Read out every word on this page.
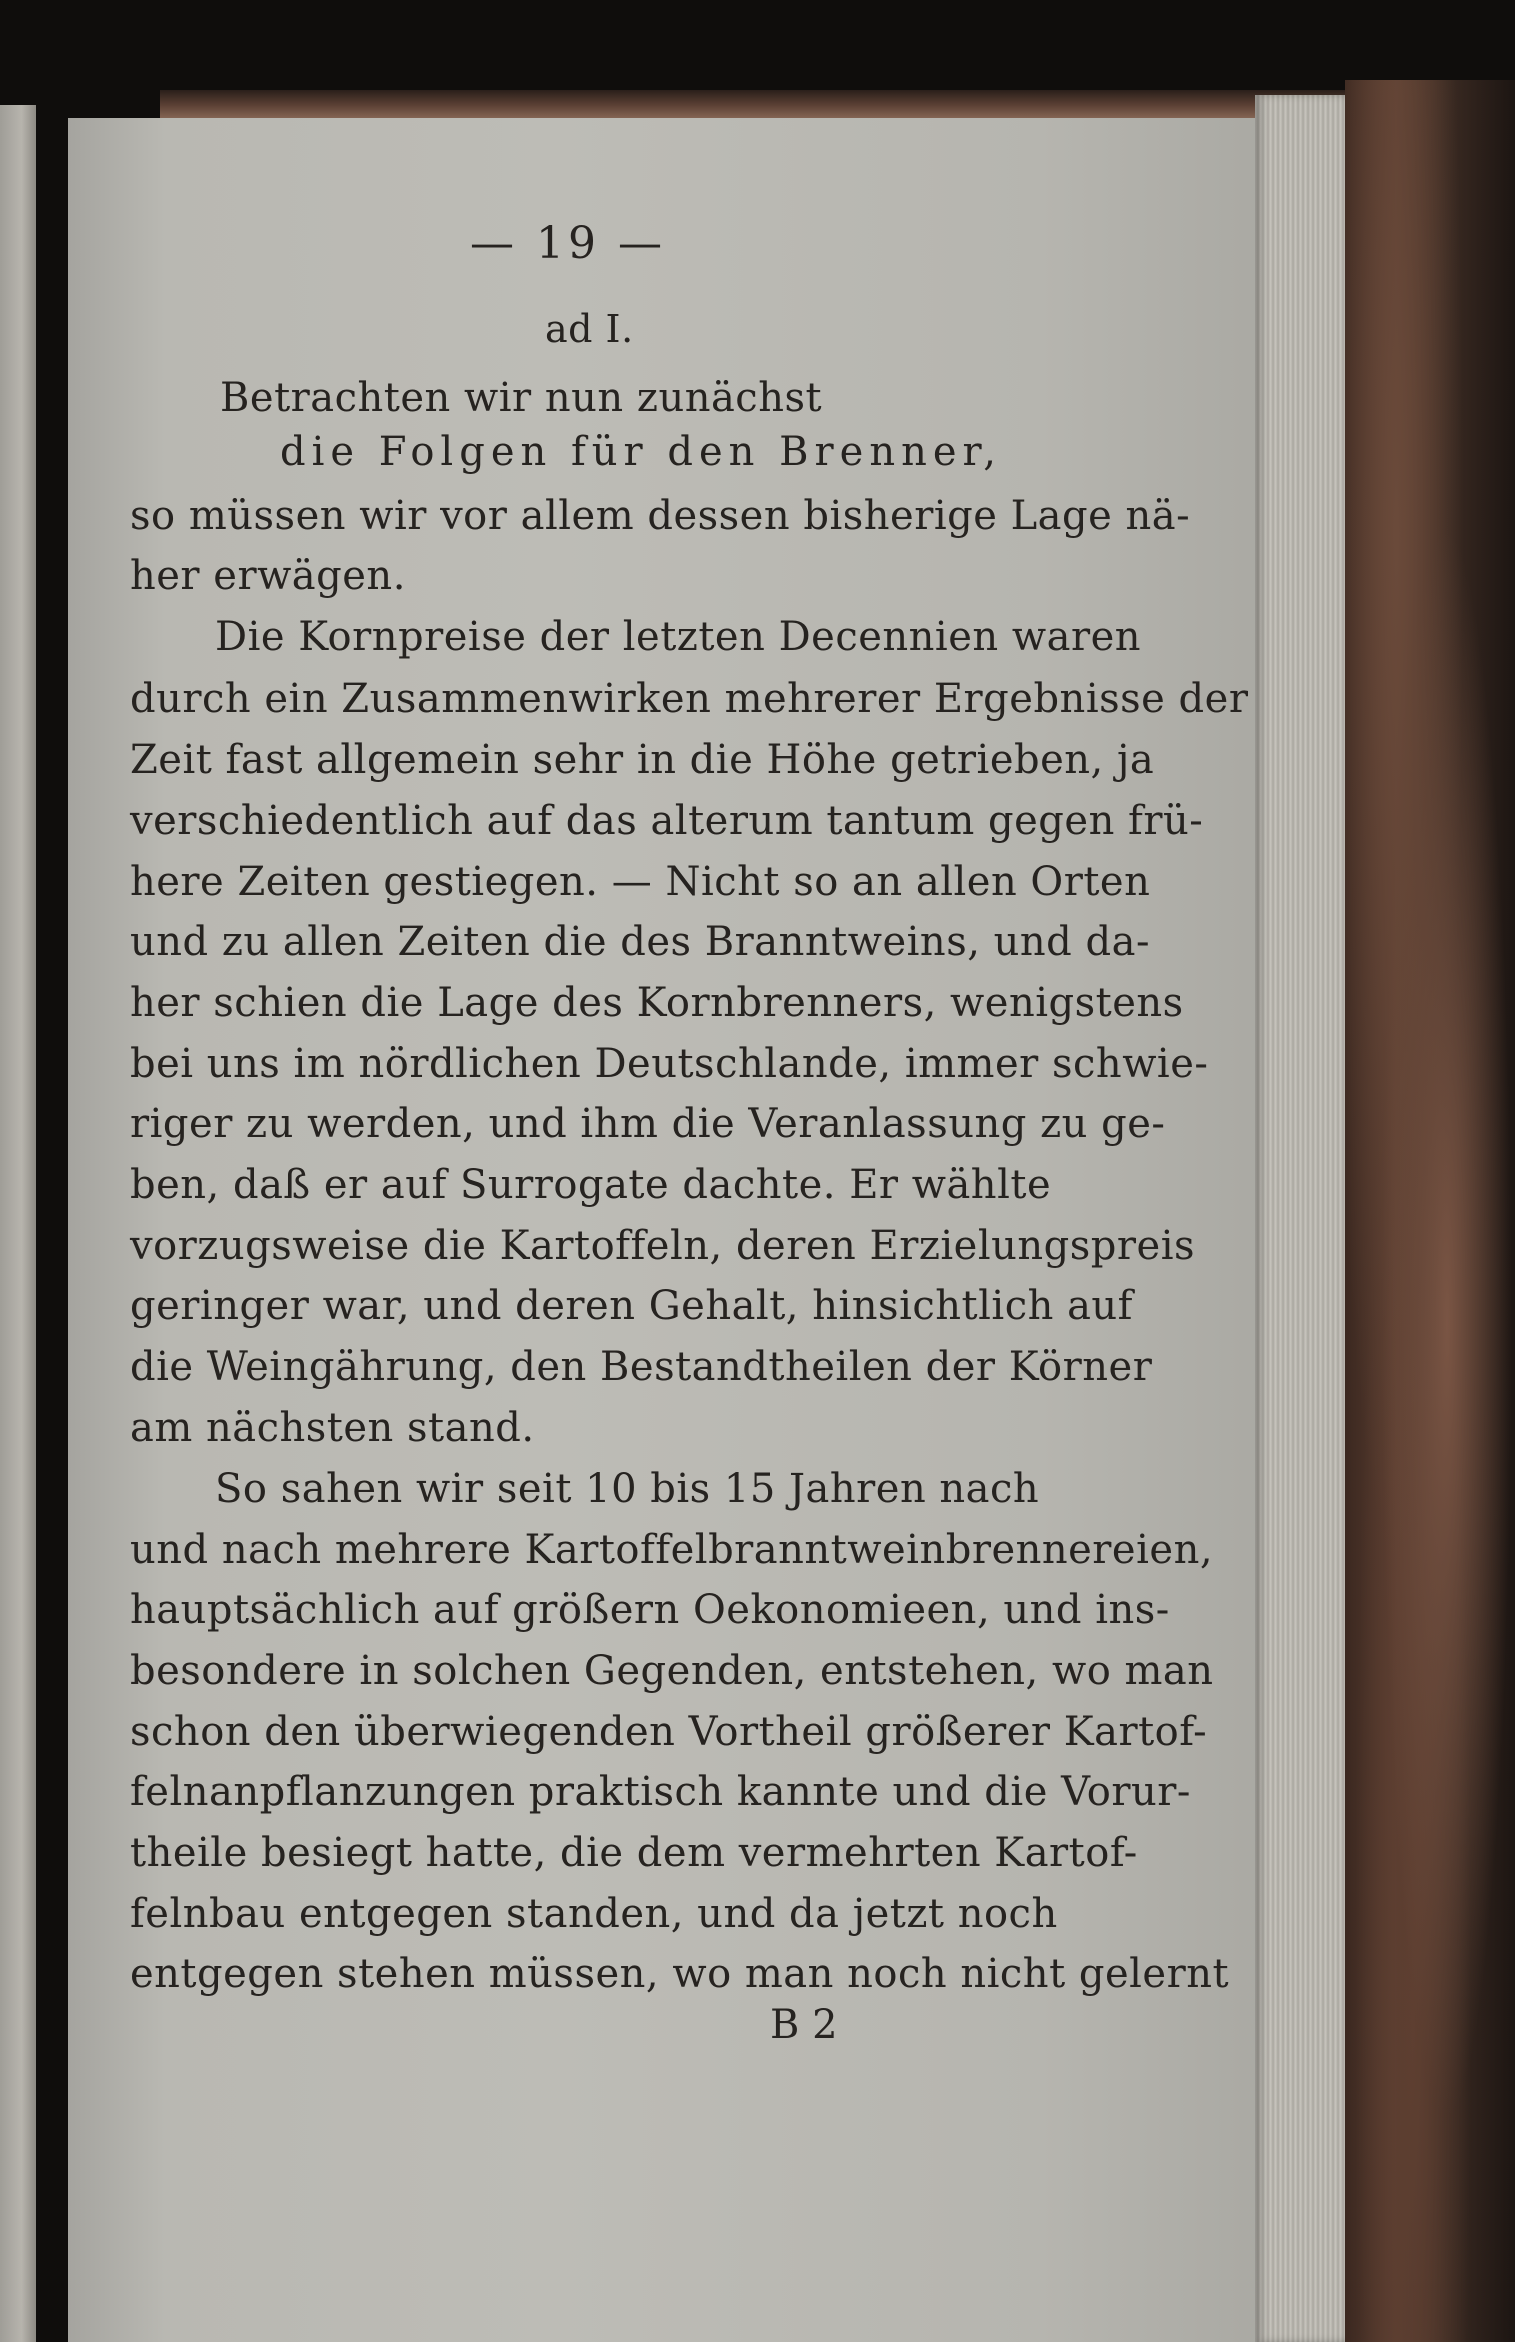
— 19 —
ad I.
Betrachten wir nun zunächst
die Folgen für den Brenner,
so müssen wir vor allem dessen bisherige Lage nä-
her erwägen.
Die Kornpreise der letzten Decennien waren
durch ein Zusammenwirken mehrerer Ergebnisse der
Zeit fast allgemein sehr in die Höhe getrieben, ja
verschiedentlich auf das alterum tantum gegen frü-
here Zeiten gestiegen. — Nicht so an allen Orten
und zu allen Zeiten die des Branntweins, und da-
her schien die Lage des Kornbrenners, wenigstens
bei uns im nördlichen Deutschlande, immer schwie-
riger zu werden, und ihm die Veranlassung zu ge-
ben, daß er auf Surrogate dachte. Er wählte
vorzugsweise die Kartoffeln, deren Erzielungspreis
geringer war, und deren Gehalt, hinsichtlich auf
die Weingährung, den Bestandtheilen der Körner
am nächsten stand.
So sahen wir seit 10 bis 15 Jahren nach
und nach mehrere Kartoffelbranntweinbrennereien,
hauptsächlich auf größern Oekonomieen, und ins-
besondere in solchen Gegenden, entstehen, wo man
schon den überwiegenden Vortheil größerer Kartof-
felnanpflanzungen praktisch kannte und die Vorur-
theile besiegt hatte, die dem vermehrten Kartof-
felnbau entgegen standen, und da jetzt noch
entgegen stehen müssen, wo man noch nicht gelernt
B 2
